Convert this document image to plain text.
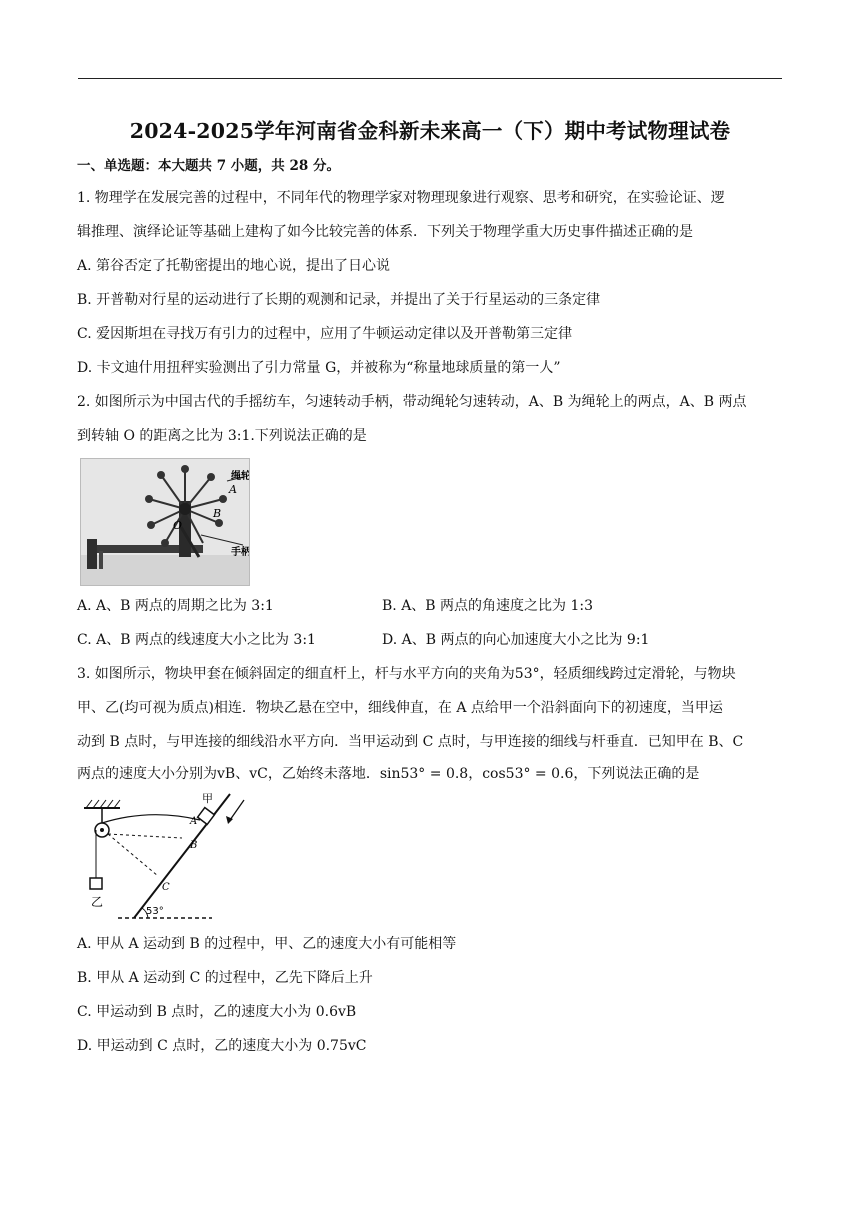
2024-2025学年河南省金科新未来高一（下）期中考试物理试卷
一、单选题：本大题共 7 小题，共 28 分。
1. 物理学在发展完善的过程中，不同年代的物理学家对物理现象进行观察、思考和研究，在实验论证、逻
辑推理、演绎论证等基础上建构了如今比较完善的体系．下列关于物理学重大历史事件描述正确的是
A. 第谷否定了托勒密提出的地心说，提出了日心说
B. 开普勒对行星的运动进行了长期的观测和记录，并提出了关于行星运动的三条定律
C. 爱因斯坦在寻找万有引力的过程中，应用了牛顿运动定律以及开普勒第三定律
D. 卡文迪什用扭秤实验测出了引力常量 G，并被称为“称量地球质量的第一人”
2. 如图所示为中国古代的手摇纺车，匀速转动手柄，带动绳轮匀速转动，A、B 为绳轮上的两点，A、B 两点
到转轴 O 的距离之比为 3:1.下列说法正确的是
绳轮
手柄
A
B
O
A. A、B 两点的周期之比为 3:1	B. A、B 两点的角速度之比为 1:3
C. A、B 两点的线速度大小之比为 3:1	D. A、B 两点的向心加速度大小之比为 9:1
3. 如图所示，物块甲套在倾斜固定的细直杆上，杆与水平方向的夹角为53°，轻质细线跨过定滑轮，与物块
甲、乙(均可视为质点)相连．物块乙悬在空中，细线伸直，在 A 点给甲一个沿斜面向下的初速度，当甲运
动到 B 点时，与甲连接的细线沿水平方向．当甲运动到 C 点时，与甲连接的细线与杆垂直．已知甲在 B、C
两点的速度大小分别为vB、vC，乙始终未落地．sin53° = 0.8，cos53° = 0.6，下列说法正确的是
乙
53°
甲
A
B
C
A. 甲从 A 运动到 B 的过程中，甲、乙的速度大小有可能相等
B. 甲从 A 运动到 C 的过程中，乙先下降后上升
C. 甲运动到 B 点时，乙的速度大小为 0.6vB
D. 甲运动到 C 点时，乙的速度大小为 0.75vC
